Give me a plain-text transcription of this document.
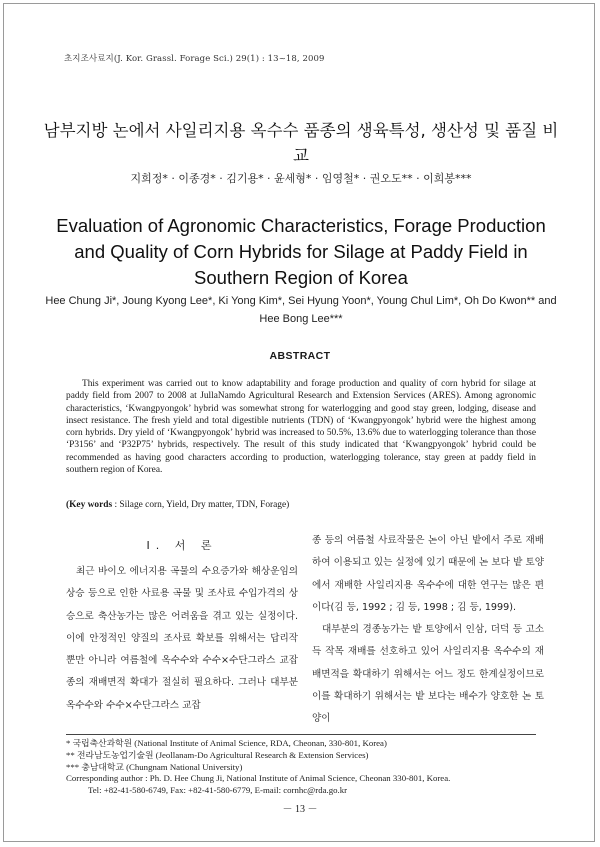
초지조사료지(J. Kor. Grassl. Forage Sci.) 29(1) : 13~18, 2009
남부지방 논에서 사일리지용 옥수수 품종의 생육특성, 생산성 및 품질 비교
지희정* · 이종경* · 김기용* · 윤세형* · 임영철* · 권오도** · 이희봉***
Evaluation of Agronomic Characteristics, Forage Production and Quality of Corn Hybrids for Silage at Paddy Field in Southern Region of Korea
Hee Chung Ji*, Joung Kyong Lee*, Ki Yong Kim*, Sei Hyung Yoon*, Young Chul Lim*, Oh Do Kwon** and Hee Bong Lee***
ABSTRACT

This experiment was carried out to know adaptability and forage production and quality of corn hybrid for silage at paddy field from 2007 to 2008 at JullaNamdo Agricultural Research and Extension Services (ARES). Among agronomic characteristics, ‘Kwangpyongok’ hybrid was somewhat strong for waterlogging and good stay green, lodging, disease and insect resistance. The fresh yield and total digestible nutrients (TDN) of ‘Kwangpyongok’ hybrid were the highest among corn hybrids. Dry yield of ‘Kwangpyongok’ hybrid was increased to 50.5%, 13.6% due to waterlogging tolerance than those ‘P3156’ and ‘P32P75’ hybrids, respectively. The result of this study indicated that ‘Kwangpyongok’ hybrid could be recommended as having good characters according to production, waterlogging tolerance, stay green at paddy field in southern region of Korea.

(Key words : Silage corn, Yield, Dry matter, TDN, Forage)
I. 서 론

최근 바이오 에너지용 곡물의 수요증가와 해상운임의 상승 등으로 인한 사료용 곡물 및 조사료 수입가격의 상승으로 축산농가는 많은 어려움을 겪고 있는 실정이다. 이에 안정적인 양질의 조사료 확보를 위해서는 답리작 뿐만 아니라 여름철에 옥수수와 수수×수단그라스 교잡종의 재배면적 확대가 절실히 필요하다. 그러나 대부분 옥수수와 수수×수단그라스 교잡

종 등의 여름철 사료작물은 논이 아닌 밭에서 주로 재배하여 이용되고 있는 실정에 있기 때문에 논 보다 밭 토양에서 재배한 사일리지용 옥수수에 대한 연구는 많은 편이다(김 등, 1992 ; 김 등, 1998 ; 김 등, 1999).

대부분의 경종농가는 밭 토양에서 인삼, 더덕 등 고소득 작목 재배를 선호하고 있어 사일리지용 옥수수의 재배면적을 확대하기 위해서는 어느 정도 한계실정이므로 이를 확대하기 위해서는 밭 보다는 배수가 양호한 논 토양이

* 국립축산과학원 (National Institute of Animal Science, RDA, Cheonan, 330-801, Korea)
** 전라남도농업기술원 (Jeollanam-Do Agricultural Research & Extension Services)
*** 충남대학교 (Chungnam National University)
Corresponding author : Ph. D. Hee Chung Ji, National Institute of Animal Science, Cheonan 330-801, Korea.
Tel: +82-41-580-6749, Fax: +82-41-580-6779, E-mail: cornhc@rda.go.kr
－ 13 －
